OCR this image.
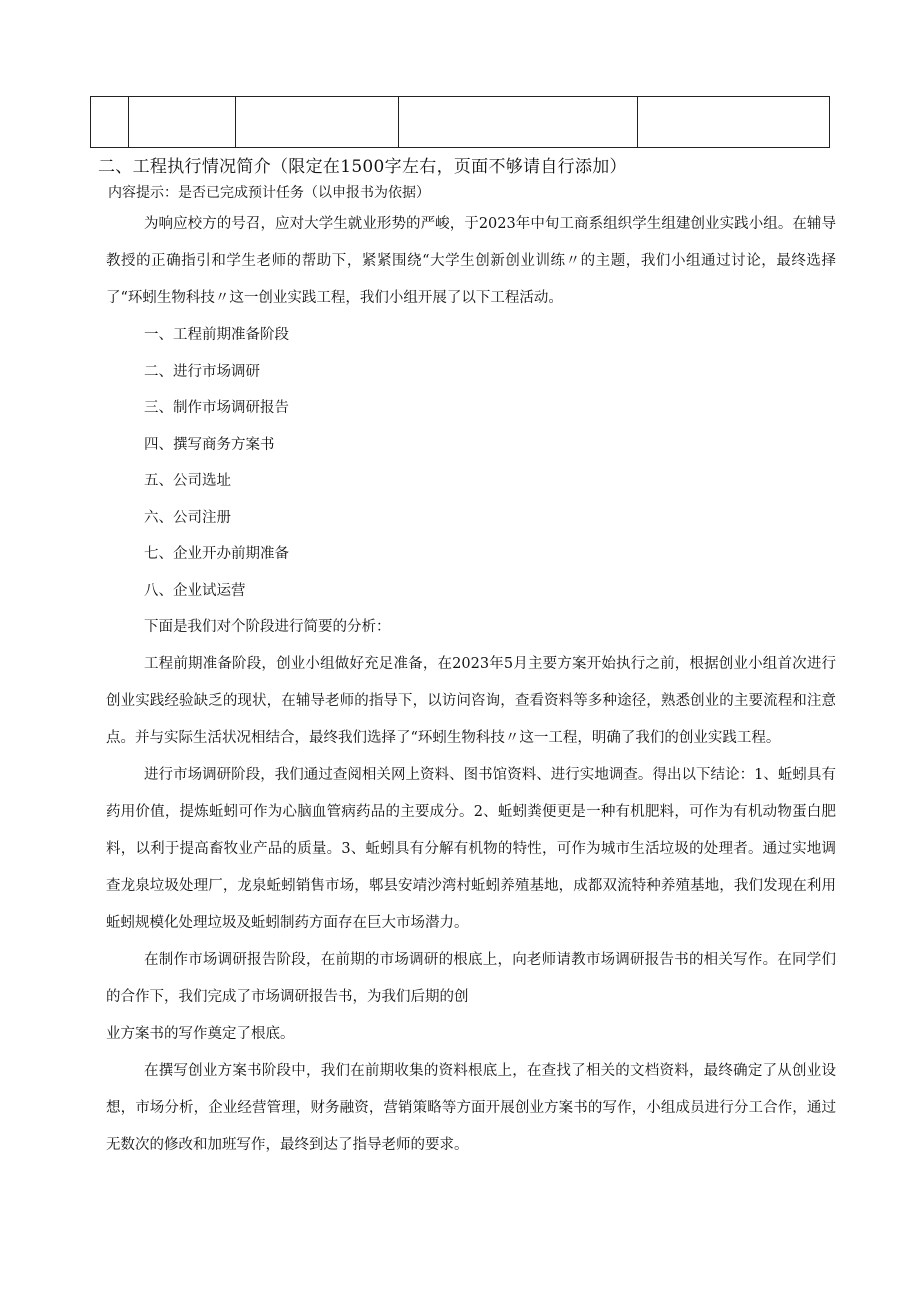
二、工程执行情况简介（限定在1500字左右，页面不够请自行添加）
内容提示：是否已完成预计任务（以申报书为依据）

为响应校方的号召，应对大学生就业形势的严峻，于2023年中旬工商系组织学生组建创业实践小组。在辅导教授的正确指引和学生老师的帮助下，紧紧围绕“大学生创新创业训练〃的主题，我们小组通过讨论，最终选择了“环蚓生物科技〃这一创业实践工程，我们小组开展了以下工程活动。

一、工程前期准备阶段

二、进行市场调研

三、制作市场调研报告

四、撰写商务方案书

五、公司选址

六、公司注册

七、企业开办前期准备

八、企业试运营

下面是我们对个阶段进行简要的分析：

工程前期准备阶段，创业小组做好充足准备，在2023年5月主要方案开始执行之前，根据创业小组首次进行创业实践经验缺乏的现状，在辅导老师的指导下，以访问咨询，查看资料等多种途径，熟悉创业的主要流程和注意点。并与实际生活状况相结合，最终我们选择了“环蚓生物科技〃这一工程，明确了我们的创业实践工程。

进行市场调研阶段，我们通过查阅相关网上资料、图书馆资料、进行实地调查。得出以下结论：1、蚯蚓具有药用价值，提炼蚯蚓可作为心脑血管病药品的主要成分。2、蚯蚓粪便更是一种有机肥料，可作为有机动物蛋白肥料，以利于提高畜牧业产品的质量。3、蚯蚓具有分解有机物的特性，可作为城市生活垃圾的处理者。通过实地调查龙泉垃圾处理厂，龙泉蚯蚓销售市场，郫县安靖沙湾村蚯蚓养殖基地，成都双流特种养殖基地，我们发现在利用蚯蚓规模化处理垃圾及蚯蚓制药方面存在巨大市场潜力。

在制作市场调研报告阶段，在前期的市场调研的根底上，向老师请教市场调研报告书的相关写作。在同学们的合作下，我们完成了市场调研报告书，为我们后期的创

业方案书的写作奠定了根底。

在撰写创业方案书阶段中，我们在前期收集的资料根底上，在查找了相关的文档资料，最终确定了从创业设想，市场分析，企业经营管理，财务融资，营销策略等方面开展创业方案书的写作，小组成员进行分工合作，通过无数次的修改和加班写作，最终到达了指导老师的要求。
